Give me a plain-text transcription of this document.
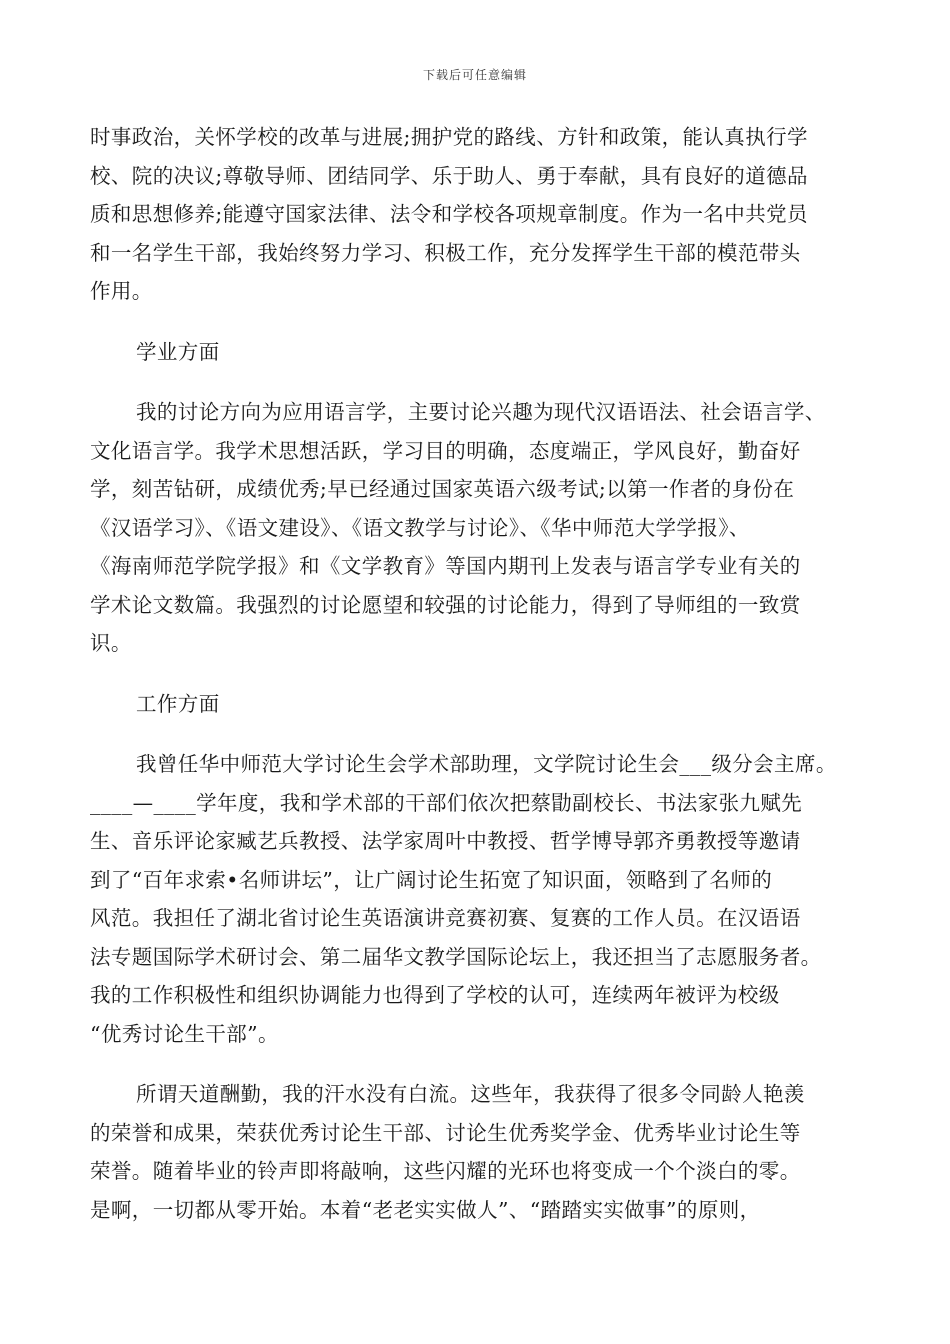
下载后可任意编辑
时事政治，关怀学校的改革与进展;拥护党的路线、方针和政策，能认真执行学
校、院的决议;尊敬导师、团结同学、乐于助人、勇于奉献，具有良好的道德品
质和思想修养;能遵守国家法律、法令和学校各项规章制度。作为一名中共党员
和一名学生干部，我始终努力学习、积极工作，充分发挥学生干部的模范带头
作用。
学业方面
我的讨论方向为应用语言学，主要讨论兴趣为现代汉语语法、社会语言学、
文化语言学。我学术思想活跃，学习目的明确，态度端正，学风良好，勤奋好
学，刻苦钻研，成绩优秀;早已经通过国家英语六级考试;以第一作者的身份在
《汉语学习》、《语文建设》、《语文教学与讨论》、《华中师范大学学报》、
《海南师范学院学报》和《文学教育》等国内期刊上发表与语言学专业有关的
学术论文数篇。我强烈的讨论愿望和较强的讨论能力，得到了导师组的一致赏
识。
工作方面
我曾任华中师范大学讨论生会学术部助理，文学院讨论生会___级分会主席。
____—____学年度，我和学术部的干部们依次把蔡勖副校长、书法家张九赋先
生、音乐评论家臧艺兵教授、法学家周叶中教授、哲学博导郭齐勇教授等邀请
到了“百年求索•名师讲坛”，让广阔讨论生拓宽了知识面，领略到了名师的
风范。我担任了湖北省讨论生英语演讲竞赛初赛、复赛的工作人员。在汉语语
法专题国际学术研讨会、第二届华文教学国际论坛上，我还担当了志愿服务者。
我的工作积极性和组织协调能力也得到了学校的认可，连续两年被评为校级
“优秀讨论生干部”。
所谓天道酬勤，我的汗水没有白流。这些年，我获得了很多令同龄人艳羡
的荣誉和成果，荣获优秀讨论生干部、讨论生优秀奖学金、优秀毕业讨论生等
荣誉。随着毕业的铃声即将敲响，这些闪耀的光环也将变成一个个淡白的零。
是啊，一切都从零开始。本着“老老实实做人”、“踏踏实实做事”的原则，
